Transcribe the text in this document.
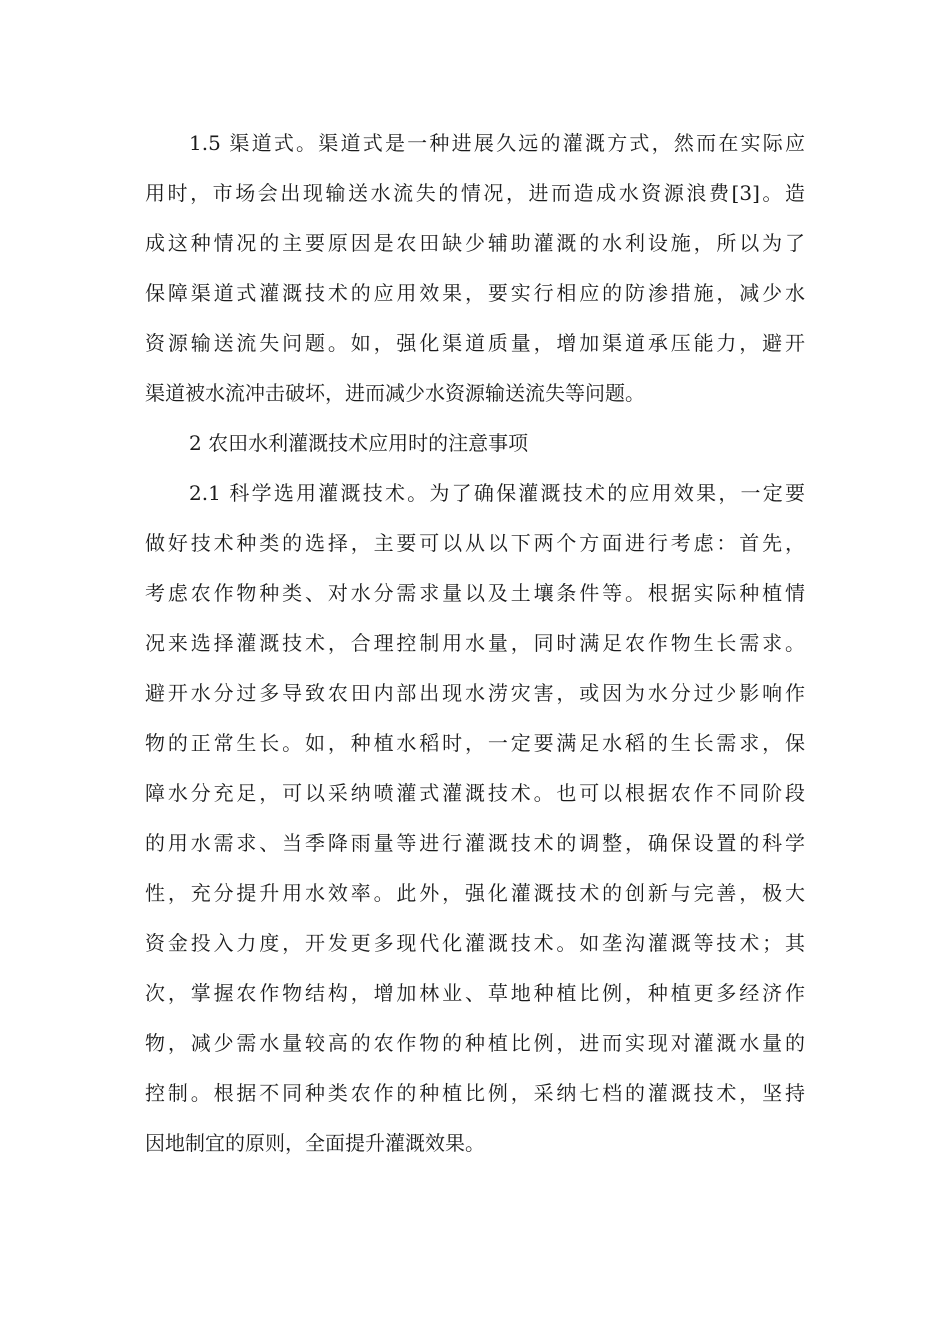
1.5 渠道式。渠道式是一种进展久远的灌溉方式，然而在实际应
用时，市场会出现输送水流失的情况，进而造成水资源浪费[3]。造
成这种情况的主要原因是农田缺少辅助灌溉的水利设施，所以为了
保障渠道式灌溉技术的应用效果，要实行相应的防渗措施，减少水
资源输送流失问题。如，强化渠道质量，增加渠道承压能力，避开
渠道被水流冲击破坏，进而减少水资源输送流失等问题。

2 农田水利灌溉技术应用时的注意事项

2.1 科学选用灌溉技术。为了确保灌溉技术的应用效果，一定要
做好技术种类的选择，主要可以从以下两个方面进行考虑：首先，
考虑农作物种类、对水分需求量以及土壤条件等。根据实际种植情
况来选择灌溉技术，合理控制用水量，同时满足农作物生长需求。
避开水分过多导致农田内部出现水涝灾害，或因为水分过少影响作
物的正常生长。如，种植水稻时，一定要满足水稻的生长需求，保
障水分充足，可以采纳喷灌式灌溉技术。也可以根据农作不同阶段
的用水需求、当季降雨量等进行灌溉技术的调整，确保设置的科学
性，充分提升用水效率。此外，强化灌溉技术的创新与完善，极大
资金投入力度，开发更多现代化灌溉技术。如垄沟灌溉等技术；其
次，掌握农作物结构，增加林业、草地种植比例，种植更多经济作
物，减少需水量较高的农作物的种植比例，进而实现对灌溉水量的
控制。根据不同种类农作的种植比例，采纳七档的灌溉技术，坚持
因地制宜的原则，全面提升灌溉效果。
